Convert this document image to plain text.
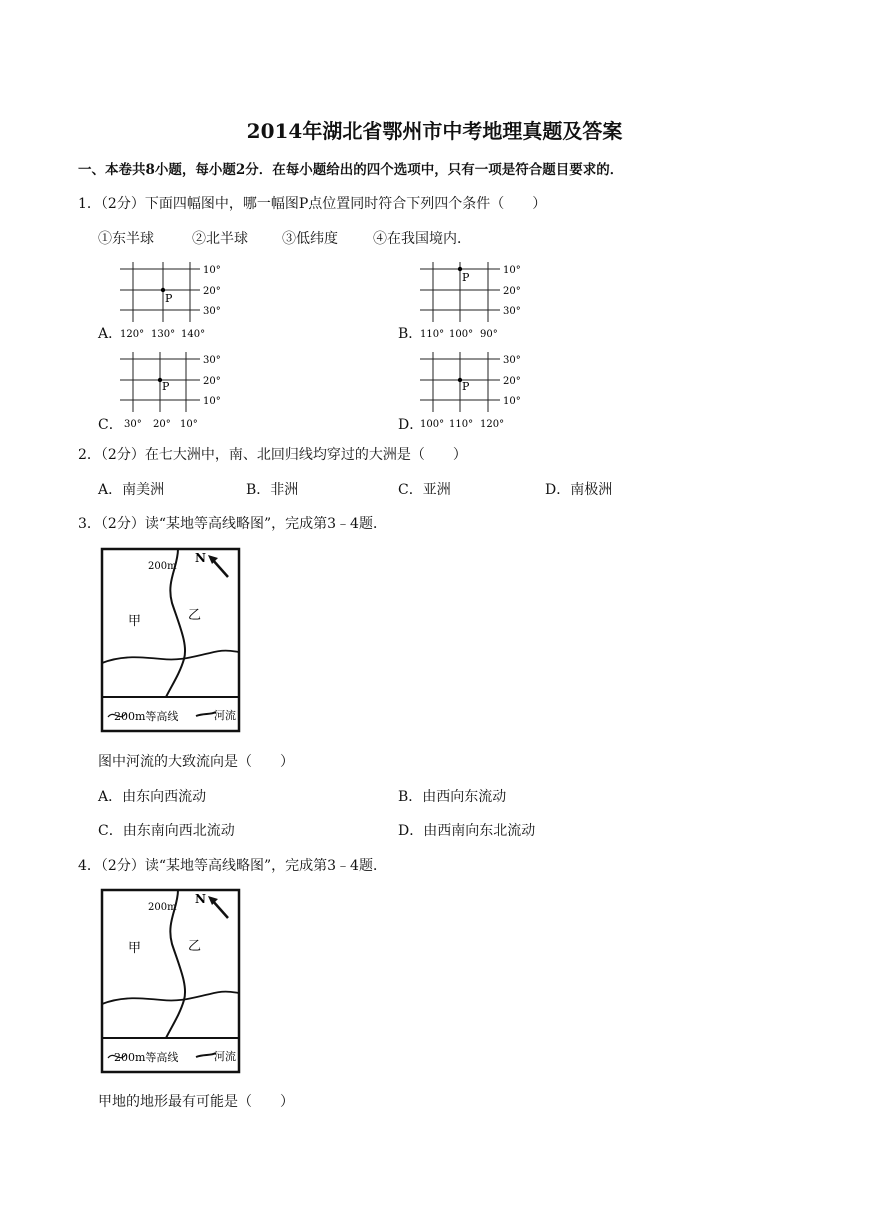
2014年湖北省鄂州市中考地理真题及答案
一、本卷共8小题，每小题2分．在每小题给出的四个选项中，只有一项是符合题目要求的．
1．（2分）下面四幅图中，哪一幅图P点位置同时符合下列四个条件（　　）
①东半球	②北半球 ③低纬度	④在我国境内．
A．
P
10°
20°
30°
120° 130° 140°	B．
P
10°
20°
30°
110° 100° 90°
C．
P
30°
20°
10°
30° 20° 10°	D．
P
30°
20°
10°
100° 110° 120°
2．（2分）在七大洲中，南、北回归线均穿过的大洲是（　　）
A．南美洲	B．非洲	C．亚洲	D．南极洲
3．（2分）读“某地等高线略图”，完成第3﹣4题．
200m
N
甲	乙
200m等高线	河流
图中河流的大致流向是（　　）
A．由东向西流动	B．由西向东流动
C．由东南向西北流动	D．由西南向东北流动
4．（2分）读“某地等高线略图”，完成第3﹣4题．
200m
N
甲	乙
200m等高线	河流
甲地的地形最有可能是（　　）
